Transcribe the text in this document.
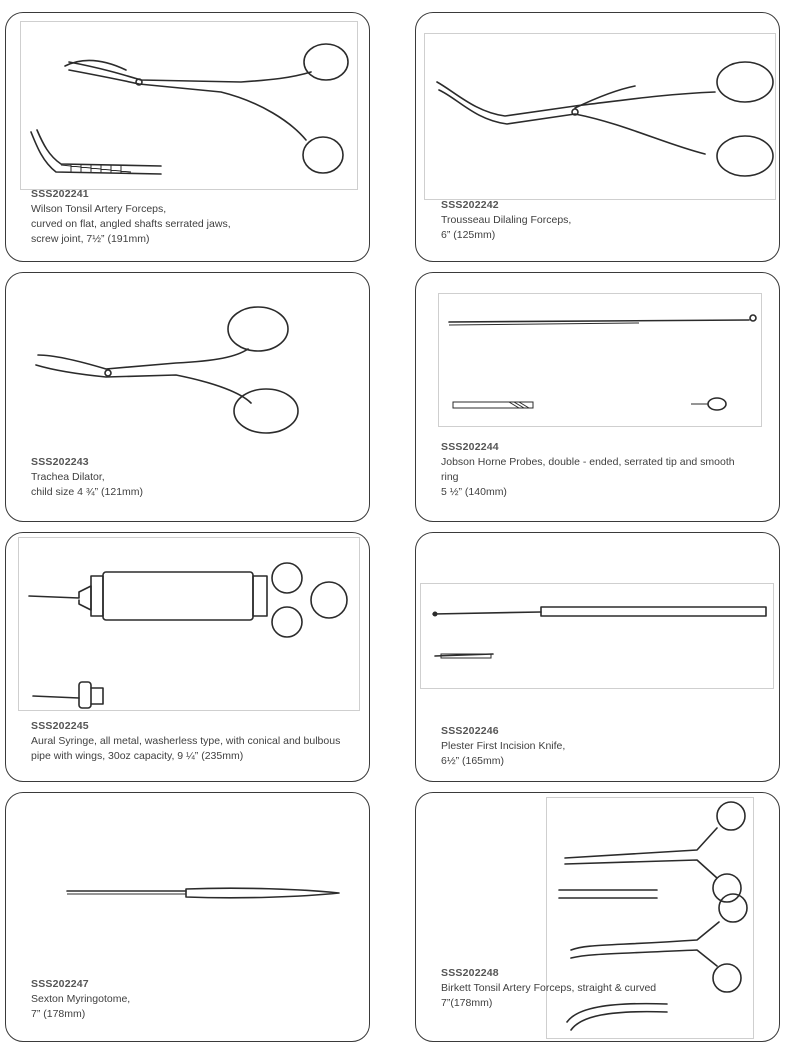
SSS202241
Wilson Tonsil Artery Forceps,
curved on flat, angled shafts serrated jaws,
screw joint, 7½” (191mm)
SSS202242
Trousseau Dilaling Forceps,
6” (125mm)
SSS202243
Trachea Dilator,
child size 4 ¾” (121mm)
SSS202244
Jobson Horne Probes, double - ended, serrated tip and smooth
ring
5 ½” (140mm)
SSS202245
Aural Syringe, all metal, washerless type, with conical and bulbous
pipe with wings, 30oz capacity, 9 ¼” (235mm)
SSS202246
Plester First Incision Knife,
6½” (165mm)
SSS202247
Sexton Myringotome,
7” (178mm)
SSS202248
Birkett Tonsil Artery Forceps, straight & curved
7”(178mm)
